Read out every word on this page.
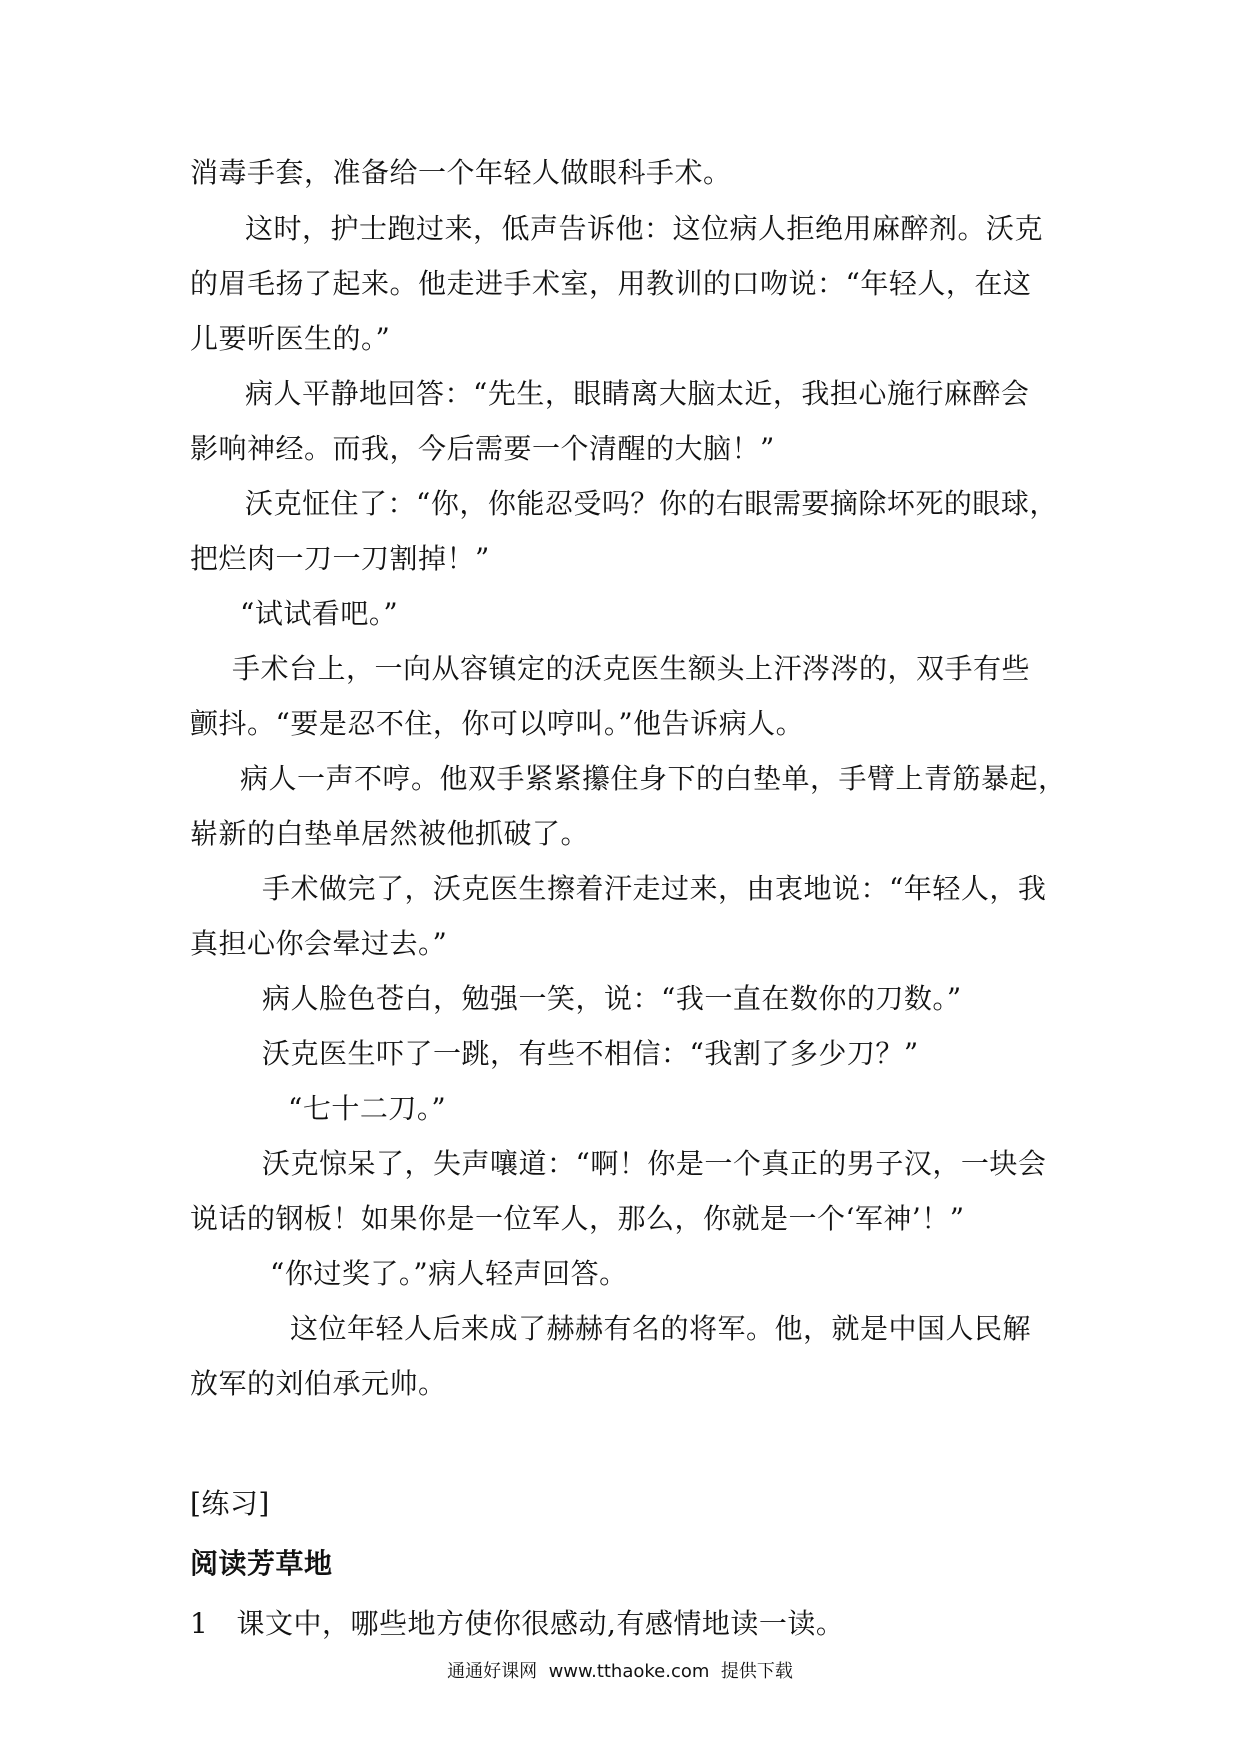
消毒手套，准备给一个年轻人做眼科手术。
这时，护士跑过来，低声告诉他：这位病人拒绝用麻醉剂。沃克
的眉毛扬了起来。他走进手术室，用教训的口吻说：“年轻人，在这
儿要听医生的。”
病人平静地回答：“先生，眼睛离大脑太近，我担心施行麻醉会
影响神经。而我，今后需要一个清醒的大脑！”
沃克怔住了：“你，你能忍受吗？你的右眼需要摘除坏死的眼球，
把烂肉一刀一刀割掉！”
“试试看吧。”
手术台上，一向从容镇定的沃克医生额头上汗涔涔的，双手有些
颤抖。“要是忍不住，你可以哼叫。”他告诉病人。
病人一声不哼。他双手紧紧攥住身下的白垫单，手臂上青筋暴起，
崭新的白垫单居然被他抓破了。
手术做完了，沃克医生擦着汗走过来，由衷地说：“年轻人，我
真担心你会晕过去。”
病人脸色苍白，勉强一笑，说：“我一直在数你的刀数。”
沃克医生吓了一跳，有些不相信：“我割了多少刀？”
“七十二刀。”
沃克惊呆了，失声嚷道：“啊！你是一个真正的男子汉，一块会
说话的钢板！如果你是一位军人，那么，你就是一个‘军神’！”
“你过奖了。”病人轻声回答。
这位年轻人后来成了赫赫有名的将军。他，就是中国人民解
放军的刘伯承元帅。
[练习]
阅读芳草地
1   课文中，哪些地方使你很感动,有感情地读一读。
通通好课网  www.tthaoke.com  提供下载
